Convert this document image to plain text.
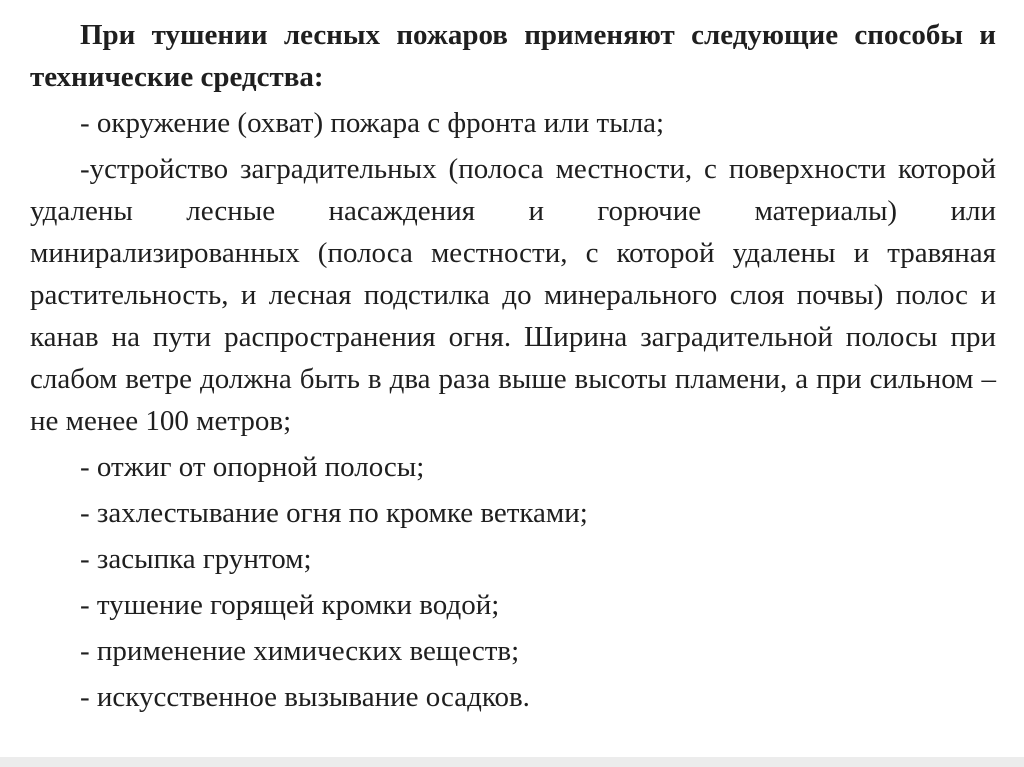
При тушении лесных пожаров применяют следующие способы и технические средства:

- окружение (охват) пожара с фронта или тыла;

-устройство заградительных (полоса местности, с поверхности которой удалены лесные насаждения и горючие материалы) или минирализированных (полоса местности, с которой удалены и травяная растительность, и лесная подстилка до минерального слоя почвы) полос и канав на пути распространения огня. Ширина заградительной полосы при слабом ветре должна быть в два раза выше высоты пламени, а при сильном – не менее 100 метров;

- отжиг от опорной полосы;

- захлестывание огня по кромке ветками;

- засыпка грунтом;

- тушение горящей кромки водой;

- применение химических веществ;

- искусственное вызывание осадков.
